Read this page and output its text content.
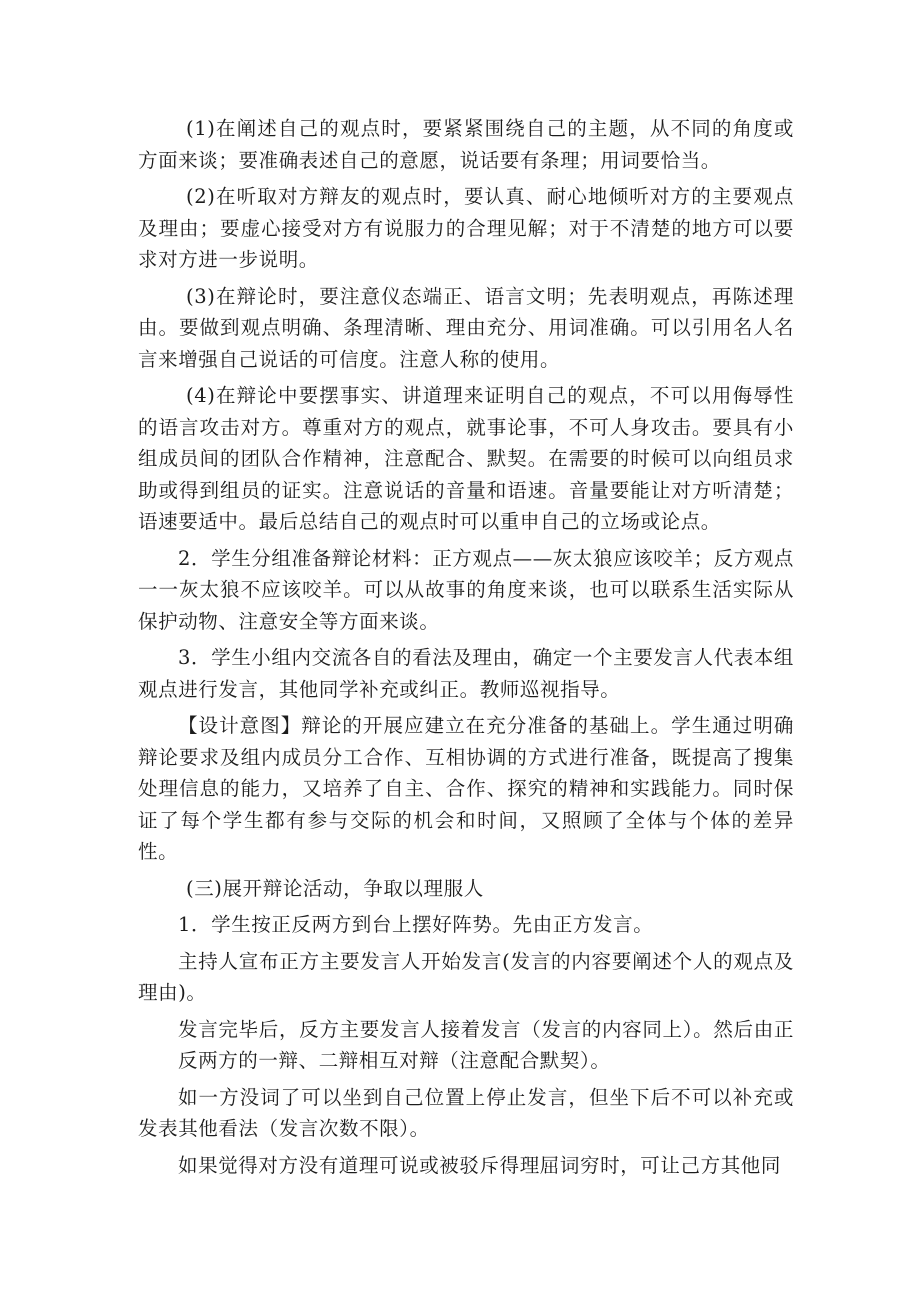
(1)在阐述自己的观点时，要紧紧围绕自己的主题，从不同的角度或方面来谈；要准确表述自己的意愿，说话要有条理；用词要恰当。

(2)在听取对方辩友的观点时，要认真、耐心地倾听对方的主要观点及理由；要虚心接受对方有说服力的合理见解；对于不清楚的地方可以要求对方进一步说明。

(3)在辩论时，要注意仪态端正、语言文明；先表明观点，再陈述理由。要做到观点明确、条理清晰、理由充分、用词准确。可以引用名人名言来增强自己说话的可信度。注意人称的使用。

(4)在辩论中要摆事实、讲道理来证明自己的观点，不可以用侮辱性的语言攻击对方。尊重对方的观点，就事论事，不可人身攻击。要具有小组成员间的团队合作精神，注意配合、默契。在需要的时候可以向组员求助或得到组员的证实。注意说话的音量和语速。音量要能让对方听清楚；语速要适中。最后总结自己的观点时可以重申自己的立场或论点。

2．学生分组准备辩论材料：正方观点——灰太狼应该咬羊；反方观点一一灰太狼不应该咬羊。可以从故事的角度来谈，也可以联系生活实际从保护动物、注意安全等方面来谈。

3．学生小组内交流各自的看法及理由，确定一个主要发言人代表本组观点进行发言，其他同学补充或纠正。教师巡视指导。

【设计意图】辩论的开展应建立在充分准备的基础上。学生通过明确辩论要求及组内成员分工合作、互相协调的方式进行准备，既提高了搜集处理信息的能力，又培养了自主、合作、探究的精神和实践能力。同时保证了每个学生都有参与交际的机会和时间，又照顾了全体与个体的差异性。

(三)展开辩论活动，争取以理服人

1．学生按正反两方到台上摆好阵势。先由正方发言。

主持人宣布正方主要发言人开始发言(发言的内容要阐述个人的观点及理由)。

发言完毕后，反方主要发言人接着发言（发言的内容同上）。然后由正反两方的一辩、二辩相互对辩（注意配合默契）。

如一方没词了可以坐到自己位置上停止发言，但坐下后不可以补充或发表其他看法（发言次数不限）。

如果觉得对方没有道理可说或被驳斥得理屈词穷时，可让己方其他同
